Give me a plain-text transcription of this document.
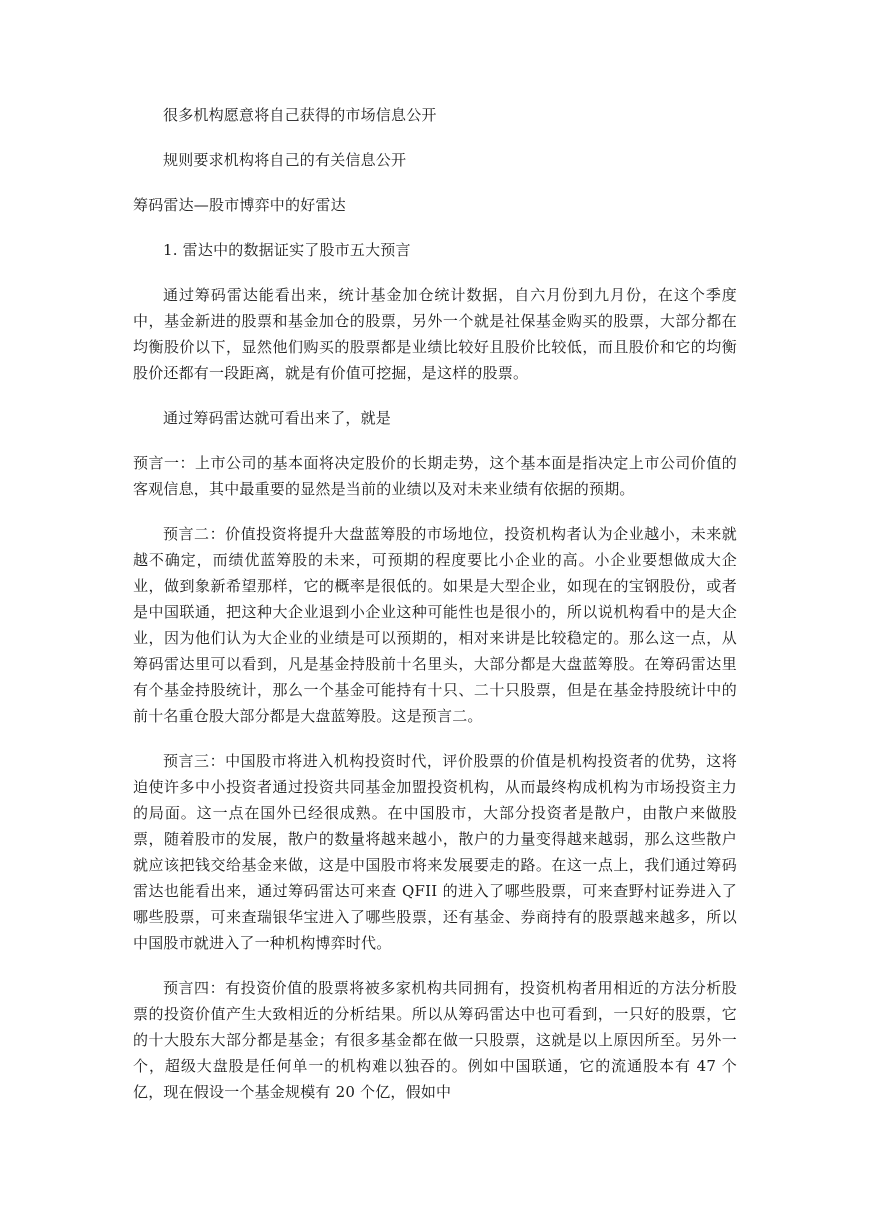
很多机构愿意将自己获得的市场信息公开

规则要求机构将自己的有关信息公开

筹码雷达—股市博弈中的好雷达

1. 雷达中的数据证实了股市五大预言

通过筹码雷达能看出来，统计基金加仓统计数据，自六月份到九月份，在这个季度中，基金新进的股票和基金加仓的股票，另外一个就是社保基金购买的股票，大部分都在均衡股价以下，显然他们购买的股票都是业绩比较好且股价比较低，而且股价和它的均衡股价还都有一段距离，就是有价值可挖掘，是这样的股票。

通过筹码雷达就可看出来了，就是

预言一：上市公司的基本面将决定股价的长期走势，这个基本面是指决定上市公司价值的客观信息，其中最重要的显然是当前的业绩以及对未来业绩有依据的预期。

预言二：价值投资将提升大盘蓝筹股的市场地位，投资机构者认为企业越小，未来就越不确定，而绩优蓝筹股的未来，可预期的程度要比小企业的高。小企业要想做成大企业，做到象新希望那样，它的概率是很低的。如果是大型企业，如现在的宝钢股份，或者是中国联通，把这种大企业退到小企业这种可能性也是很小的，所以说机构看中的是大企业，因为他们认为大企业的业绩是可以预期的，相对来讲是比较稳定的。那么这一点，从筹码雷达里可以看到，凡是基金持股前十名里头，大部分都是大盘蓝筹股。在筹码雷达里有个基金持股统计，那么一个基金可能持有十只、二十只股票，但是在基金持股统计中的前十名重仓股大部分都是大盘蓝筹股。这是预言二。

预言三：中国股市将进入机构投资时代，评价股票的价值是机构投资者的优势，这将迫使许多中小投资者通过投资共同基金加盟投资机构，从而最终构成机构为市场投资主力的局面。这一点在国外已经很成熟。在中国股市，大部分投资者是散户，由散户来做股票，随着股市的发展，散户的数量将越来越小，散户的力量变得越来越弱，那么这些散户就应该把钱交给基金来做，这是中国股市将来发展要走的路。在这一点上，我们通过筹码雷达也能看出来，通过筹码雷达可来查 QFII 的进入了哪些股票，可来查野村证券进入了哪些股票，可来查瑞银华宝进入了哪些股票，还有基金、券商持有的股票越来越多，所以中国股市就进入了一种机构博弈时代。

预言四：有投资价值的股票将被多家机构共同拥有，投资机构者用相近的方法分析股票的投资价值产生大致相近的分析结果。所以从筹码雷达中也可看到，一只好的股票，它的十大股东大部分都是基金；有很多基金都在做一只股票，这就是以上原因所至。另外一个，超级大盘股是任何单一的机构难以独吞的。例如中国联通，它的流通股本有 47 个亿，现在假设一个基金规模有 20 个亿，假如中
